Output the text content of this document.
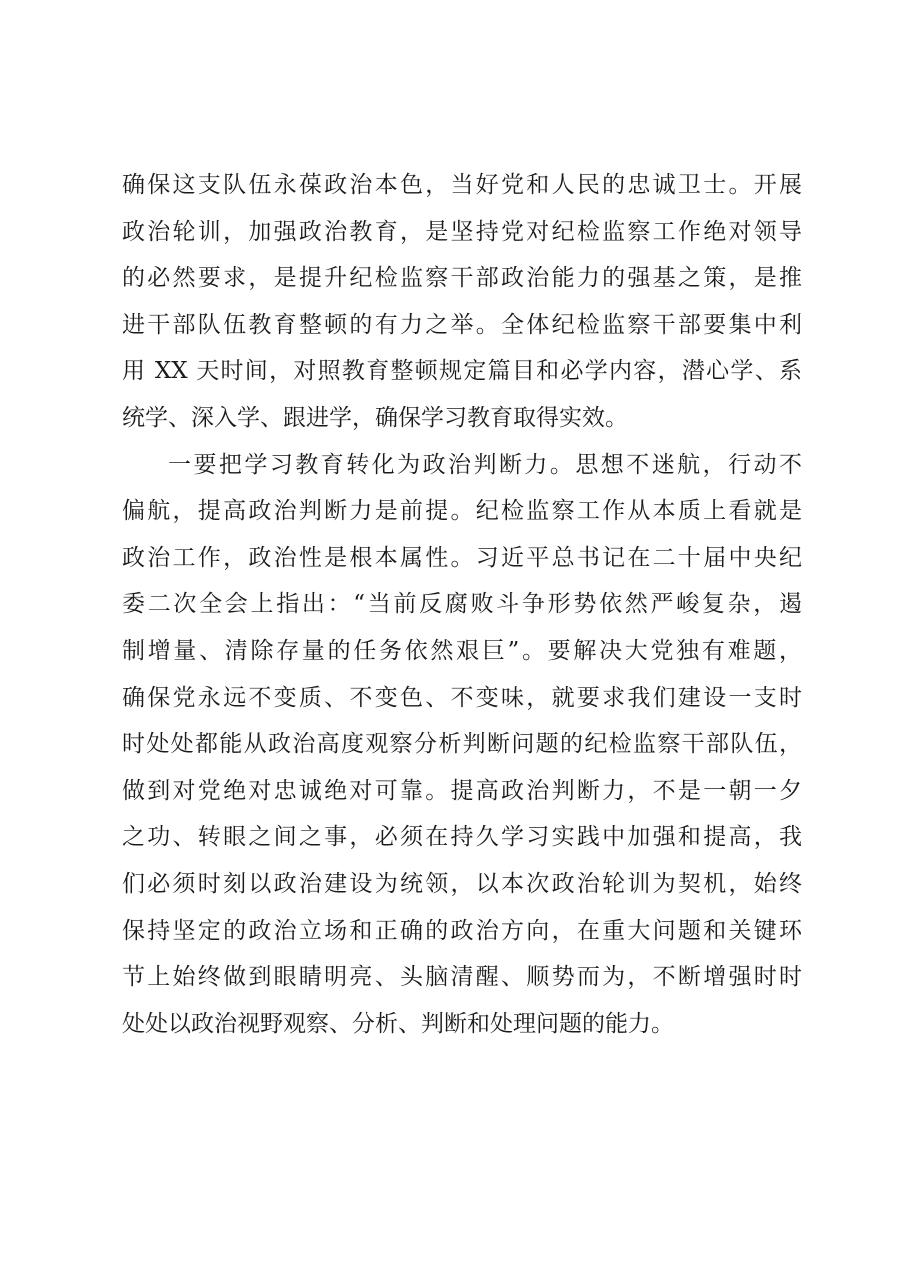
确保这支队伍永葆政治本色，当好党和人民的忠诚卫士。开展
政治轮训，加强政治教育，是坚持党对纪检监察工作绝对领导
的必然要求，是提升纪检监察干部政治能力的强基之策，是推
进干部队伍教育整顿的有力之举。全体纪检监察干部要集中利
用 XX 天时间，对照教育整顿规定篇目和必学内容，潜心学、系
统学、深入学、跟进学，确保学习教育取得实效。
一要把学习教育转化为政治判断力。思想不迷航，行动不
偏航，提高政治判断力是前提。纪检监察工作从本质上看就是
政治工作，政治性是根本属性。习近平总书记在二十届中央纪
委二次全会上指出：“当前反腐败斗争形势依然严峻复杂，遏
制增量、清除存量的任务依然艰巨”。要解决大党独有难题，
确保党永远不变质、不变色、不变味，就要求我们建设一支时
时处处都能从政治高度观察分析判断问题的纪检监察干部队伍，
做到对党绝对忠诚绝对可靠。提高政治判断力，不是一朝一夕
之功、转眼之间之事，必须在持久学习实践中加强和提高，我
们必须时刻以政治建设为统领，以本次政治轮训为契机，始终
保持坚定的政治立场和正确的政治方向，在重大问题和关键环
节上始终做到眼睛明亮、头脑清醒、顺势而为，不断增强时时
处处以政治视野观察、分析、判断和处理问题的能力。
